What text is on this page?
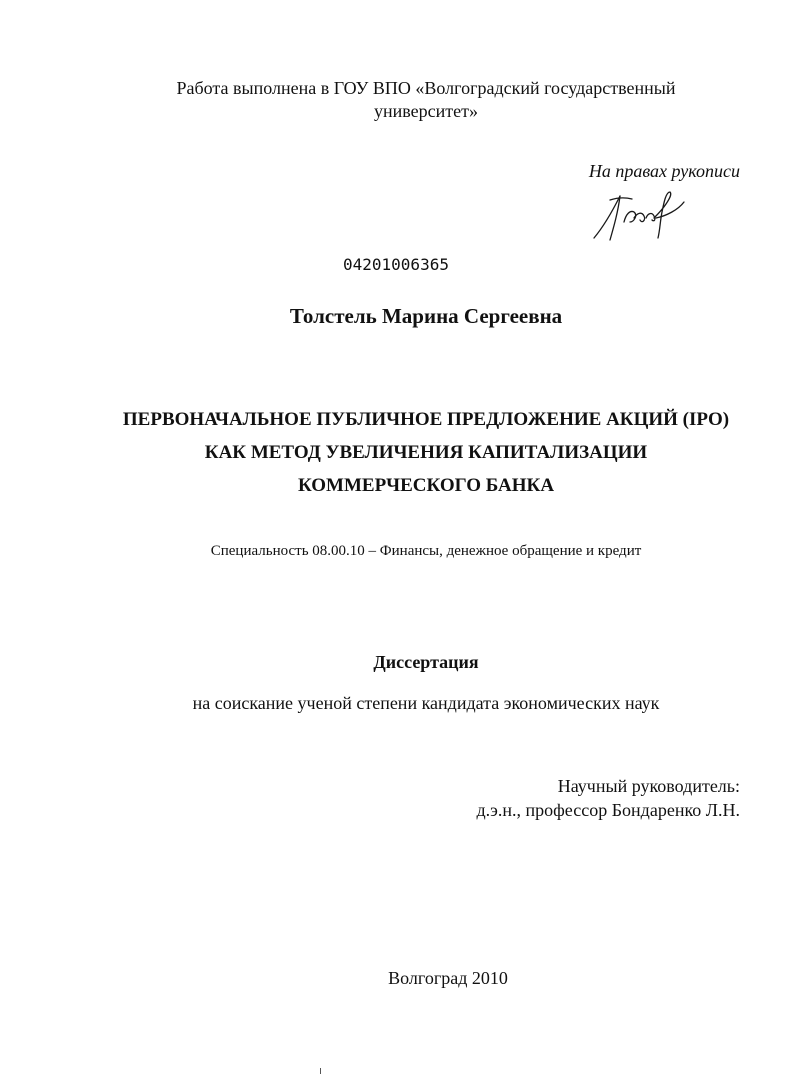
Работа выполнена в ГОУ ВПО «Волгоградский государственный
университет»
На правах рукописи
04201006365
Толстель Марина Сергеевна
ПЕРВОНАЧАЛЬНОЕ ПУБЛИЧНОЕ ПРЕДЛОЖЕНИЕ АКЦИЙ (IPO)
КАК МЕТОД УВЕЛИЧЕНИЯ КАПИТАЛИЗАЦИИ
КОММЕРЧЕСКОГО БАНКА
Специальность 08.00.10 – Финансы, денежное обращение и кредит
Диссертация
на соискание ученой степени кандидата экономических наук
Научный руководитель:
д.э.н., профессор Бондаренко Л.Н.
Волгоград 2010
